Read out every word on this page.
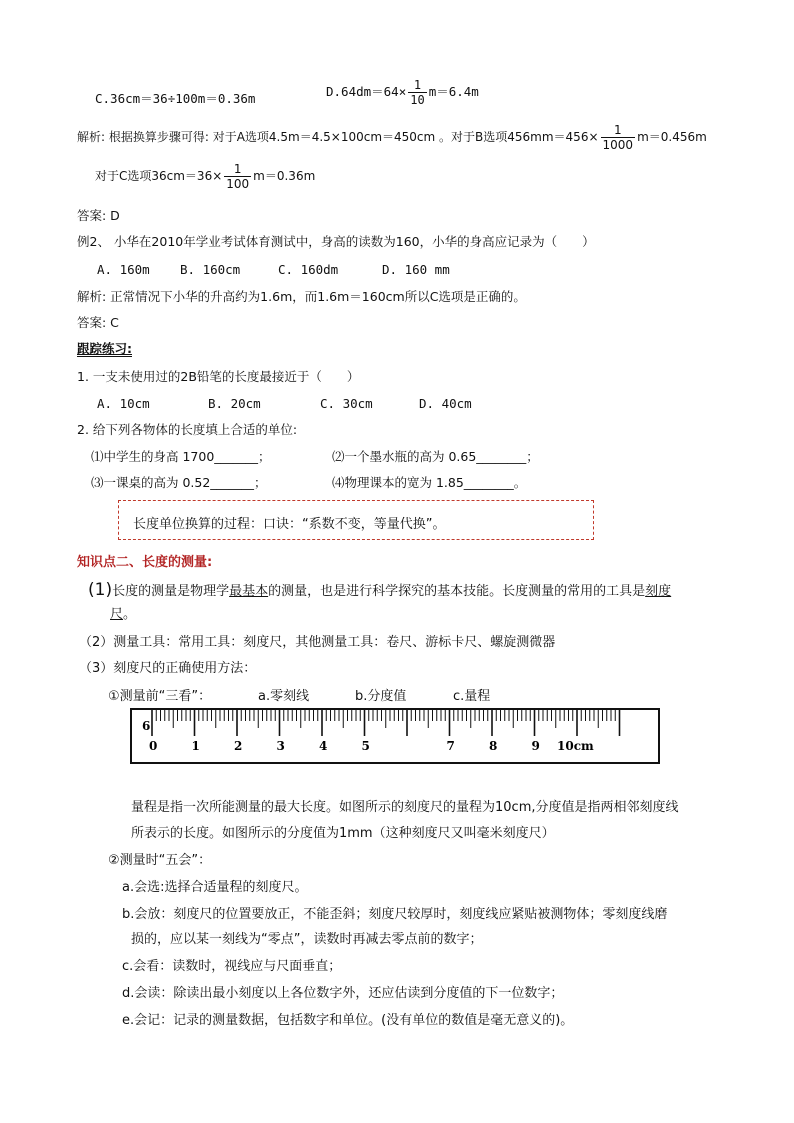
C.36cm＝36÷100m＝0.36m	$D.64dm=64\times \frac{1}{10} m=6.4m$
解析: 根据换算步骤可得: 对于A选项4.5m＝4.5×100cm＝450cm 。对于B选项$456mm=456\times \frac{1}{1000} m=0.456m$
对于C选项$36cm=36\times \frac{1}{100} m=0.36m$
答案: D
例2、 小华在2010年学业考试体育测试中，身高的读数为160，小华的身高应记录为（　　）
A. 160m B. 160cm	C. 160dm	D. 160 mm
解析: 正常情况下小华的升高约为1.6m，而1.6m＝160cm所以C选项是正确的。
答案: C
跟踪练习:
1. 一支未使用过的2B铅笔的长度最接近于（　　）
A. 10cm	B. 20cm	C. 30cm	D. 40cm
2. 给下列各物体的长度填上合适的单位:
⑴中学生的身高 1700_______；	⑵一个墨水瓶的高为 0.65________；
⑶一课桌的高为 0.52_______；	⑷物理课本的宽为 1.85________。
长度单位换算的过程：口诀：“系数不变，等量代换”。
知识点二、长度的测量:
(1)长度的测量是物理学最基本的测量，也是进行科学探究的基本技能。长度测量的常用的工具是刻度
尺。
（2）测量工具：常用工具：刻度尺，其他测量工具：卷尺、游标卡尺、螺旋测微器
（3）刻度尺的正确使用方法：
①测量前“三看”：	a.零刻线	b.分度值	c.量程
6
0	1	2	3	4	5	7	8	9 10cm
量程是指一次所能测量的最大长度。如图所示的刻度尺的量程为10cm,分度值是指两相邻刻度线
所表示的长度。如图所示的分度值为1mm（这种刻度尺又叫毫米刻度尺）
②测量时“五会”：
a.会选:选择合适量程的刻度尺。
b.会放：刻度尺的位置要放正，不能歪斜；刻度尺较厚时，刻度线应紧贴被测物体；零刻度线磨
损的，应以某一刻线为“零点”，读数时再减去零点前的数字；
c.会看：读数时，视线应与尺面垂直；
d.会读：除读出最小刻度以上各位数字外，还应估读到分度值的下一位数字；
e.会记：记录的测量数据，包括数字和单位。(没有单位的数值是毫无意义的)。
